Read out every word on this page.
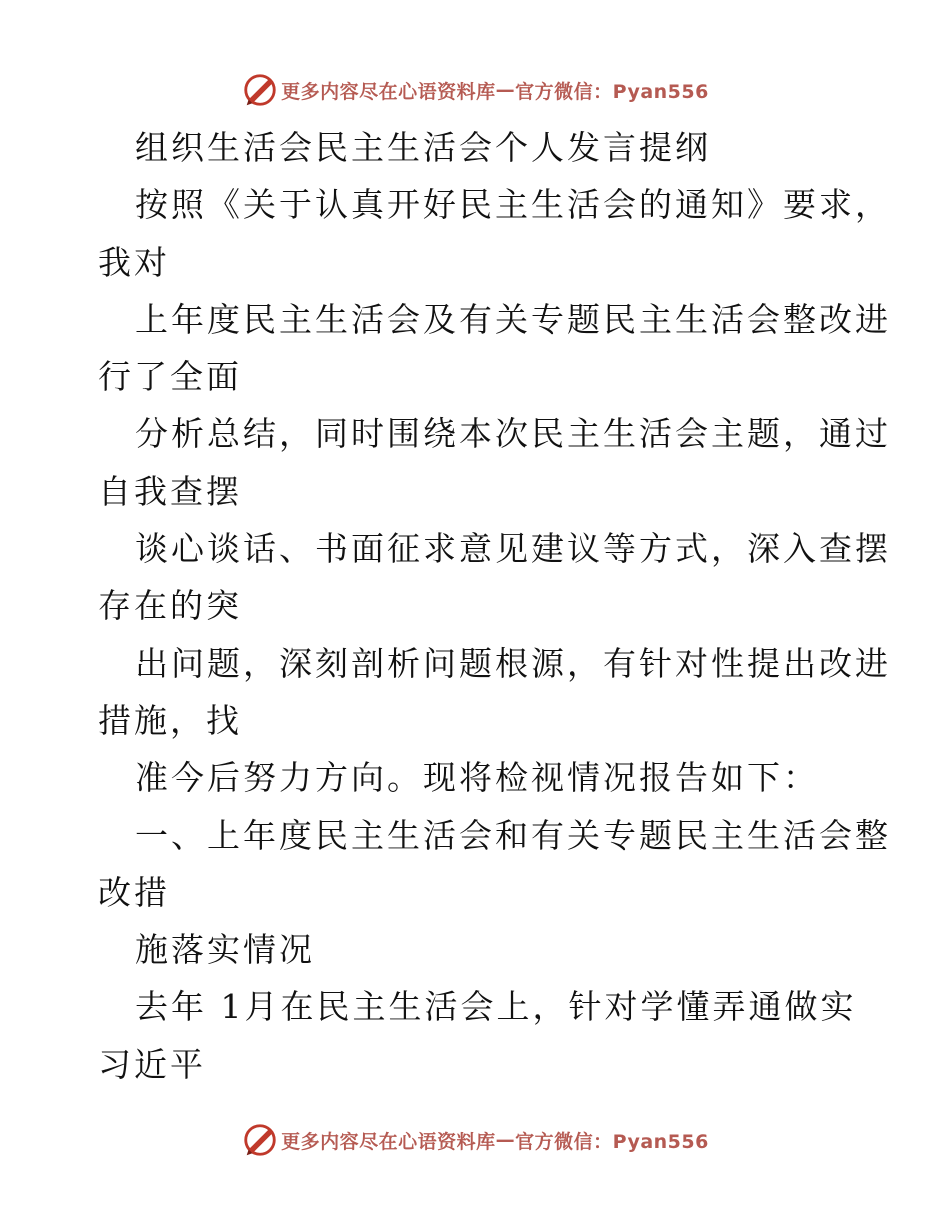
更多内容尽在心语资料库 — 官方微信：Pyan556
组织生活会民主生活会个人发言提纲
按照《关于认真开好民主生活会的通知》要求，
我对
上年度民主生活会及有关专题民主生活会整改进
行了全面
分析总结，同时围绕本次民主生活会主题，通过
自我查摆
谈心谈话、书面征求意见建议等方式，深入查摆
存在的突
出问题，深刻剖析问题根源，有针对性提出改进
措施，找
准今后努力方向。现将检视情况报告如下：
一、上年度民主生活会和有关专题民主生活会整
改措
施落实情况
去年 1月在民主生活会上，针对学懂弄通做实
习近平
更多内容尽在心语资料库 — 官方微信：Pyan556
